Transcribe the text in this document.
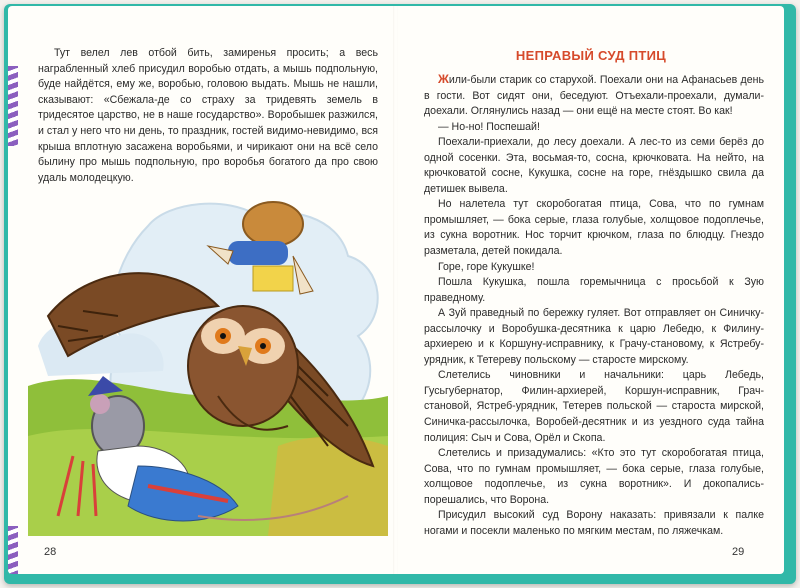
Тут велел лев отбой бить, замиренья просить; а весь награбленный хлеб присудил воробью отдать, а мышь подпольную, буде найдётся, ему же, воробью, головою выдать. Мышь не нашли, сказывают: «Сбежала-де со страху за тридевять земель в тридесятое царство, не в наше государство». Воробышек разжился, и стал у него что ни день, то праздник, гостей видимо-невидимо, вся крыша вплотную засажена воробьями, и чирикают они на всё село былину про мышь подпольную, про воробья богатого да про свою удаль молодецкую.
28
НЕПРАВЫЙ СУД ПТИЦ

Жили-были старик со старухой. Поехали они на Афанасьев день в гости. Вот сидят они, беседуют. Отъехали-проехали, думали-доехали. Оглянулись назад — они ещё на месте стоят. Во как!

— Но-но! Поспешай!

Поехали-приехали, до лесу доехали. А лес-то из семи берёз до одной сосенки. Эта, восьмая-то, сосна, крючковата. На нейто, на крючковатой сосне, Кукушка, сосне на горе, гнёздышко свила да детишек вывела.

Но налетела тут скоробогатая птица, Сова, что по гумнам промышляет, — бока серые, глаза голубые, холщовое подоплечье, из сукна воротник. Нос торчит крючком, глаза по блюдцу. Гнездо разметала, детей покидала.

Горе, горе Кукушке!

Пошла Кукушка, пошла горемычница с просьбой к Зую праведному.

А Зуй праведный по бережку гуляет. Вот отправляет он Синичку-рассылочку и Воробушка-десятника к царю Лебедю, к Филину-архиерею и к Коршуну-исправнику, к Грачу-становому, к Ястребу-урядник, к Тетереву польскому — старосте мирскому.

Слетелись чиновники и начальники: царь Лебедь, Гусьгубернатор, Филин-архиерей, Коршун-исправник, Грач-становой, Ястреб-урядник, Тетерев польской — староста мирской, Синичка-рассылочка, Воробей-десятник и из уездного суда тайна полиция: Сыч и Сова, Орёл и Скопа.

Слетелись и призадумались: «Кто это тут скоробогатая птица, Сова, что по гумнам промышляет, — бока серые, глаза голубые, холщовое подоплечье, из сукна воротник». И докопались-порешались, что Ворона.

Присудил высокий суд Ворону наказать: привязали к палке ногами и посекли маленько по мягким местам, по ляжечкам.

29
